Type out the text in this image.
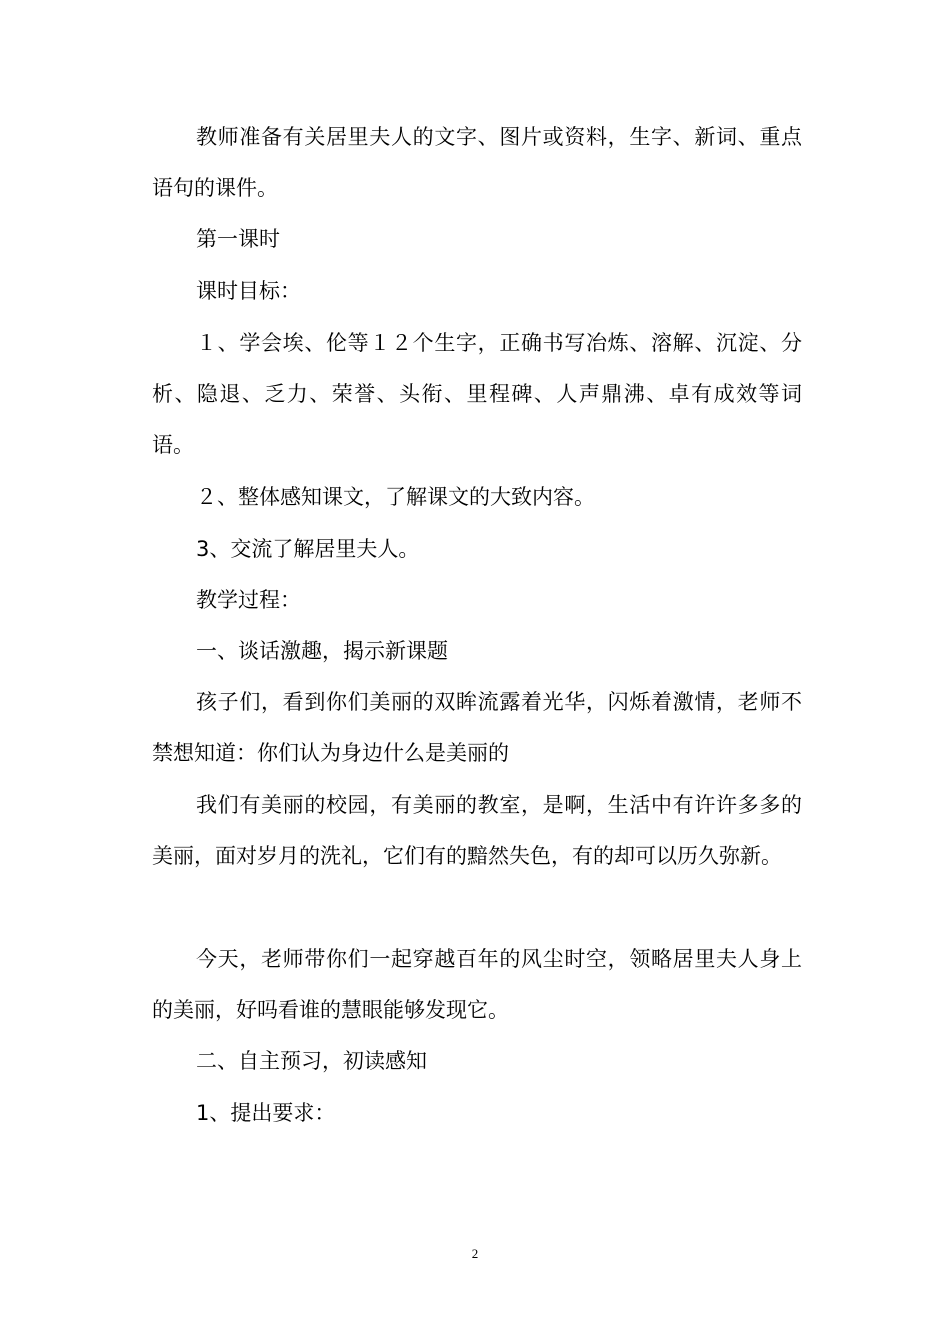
教师准备有关居里夫人的文字、图片或资料，生字、新词、重点语句的课件。

第一课时

课时目标：

１、学会埃、伦等１２个生字，正确书写冶炼、溶解、沉淀、分析、隐退、乏力、荣誉、头衔、里程碑、人声鼎沸、卓有成效等词语。

２、整体感知课文，了解课文的大致内容。

3、交流了解居里夫人。

教学过程：

一、谈话激趣，揭示新课题

孩子们，看到你们美丽的双眸流露着光华，闪烁着激情，老师不禁想知道：你们认为身边什么是美丽的

我们有美丽的校园，有美丽的教室，是啊，生活中有许许多多的美丽，面对岁月的洗礼，它们有的黯然失色，有的却可以历久弥新。

今天，老师带你们一起穿越百年的风尘时空，领略居里夫人身上的美丽，好吗看谁的慧眼能够发现它。

二、自主预习，初读感知

1、提出要求：

2
